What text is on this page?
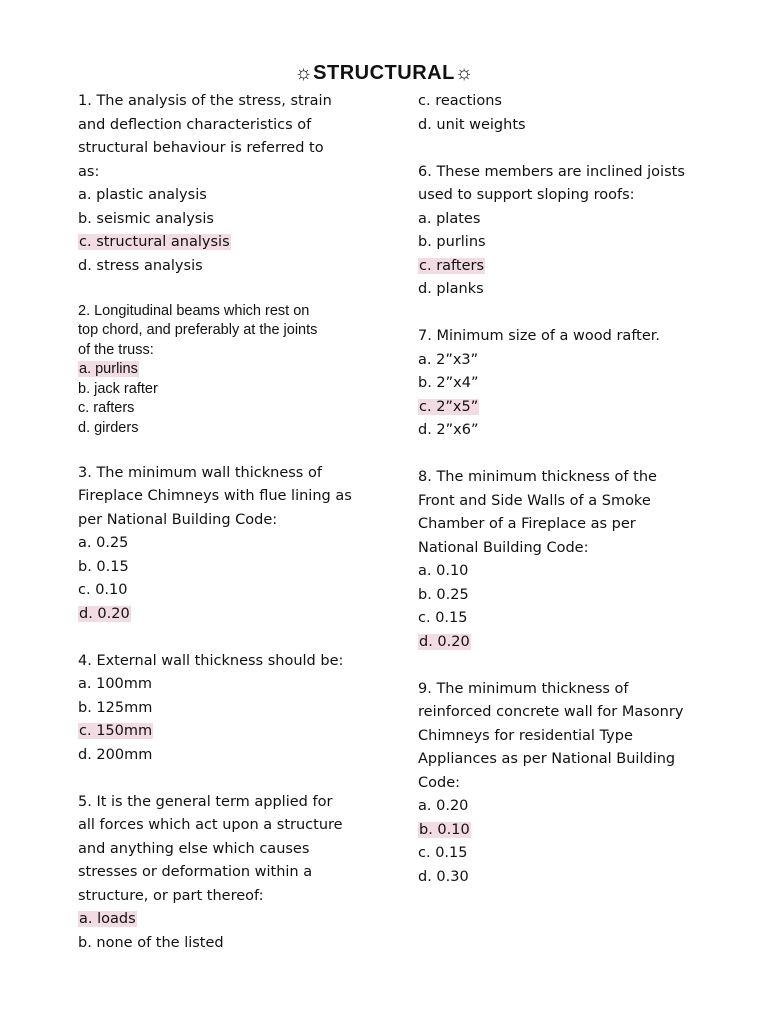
☼STRUCTURAL☼
1. The analysis of the stress, strain
and deflection characteristics of
structural behaviour is referred to
as:
a. plastic analysis
b. seismic analysis
c. structural analysis
d. stress analysis
2. Longitudinal beams which rest on
top chord, and preferably at the joints
of the truss:
a. purlins
b. jack rafter
c. rafters
d. girders
3. The minimum wall thickness of
Fireplace Chimneys with flue lining as
per National Building Code:
a. 0.25
b. 0.15
c. 0.10
d. 0.20
4. External wall thickness should be:
a. 100mm
b. 125mm
c. 150mm
d. 200mm
5. It is the general term applied for
all forces which act upon a structure
and anything else which causes
stresses or deformation within a
structure, or part thereof:
a. loads
b. none of the listed
c. reactions
d. unit weights
6. These members are inclined joists
used to support sloping roofs:
a. plates
b. purlins
c. rafters
d. planks
7. Minimum size of a wood rafter.
a. 2”x3”
b. 2”x4”
c. 2”x5”
d. 2”x6”
8. The minimum thickness of the
Front and Side Walls of a Smoke
Chamber of a Fireplace as per
National Building Code:
a. 0.10
b. 0.25
c. 0.15
d. 0.20
9. The minimum thickness of
reinforced concrete wall for Masonry
Chimneys for residential Type
Appliances as per National Building
Code:
a. 0.20
b. 0.10
c. 0.15
d. 0.30
